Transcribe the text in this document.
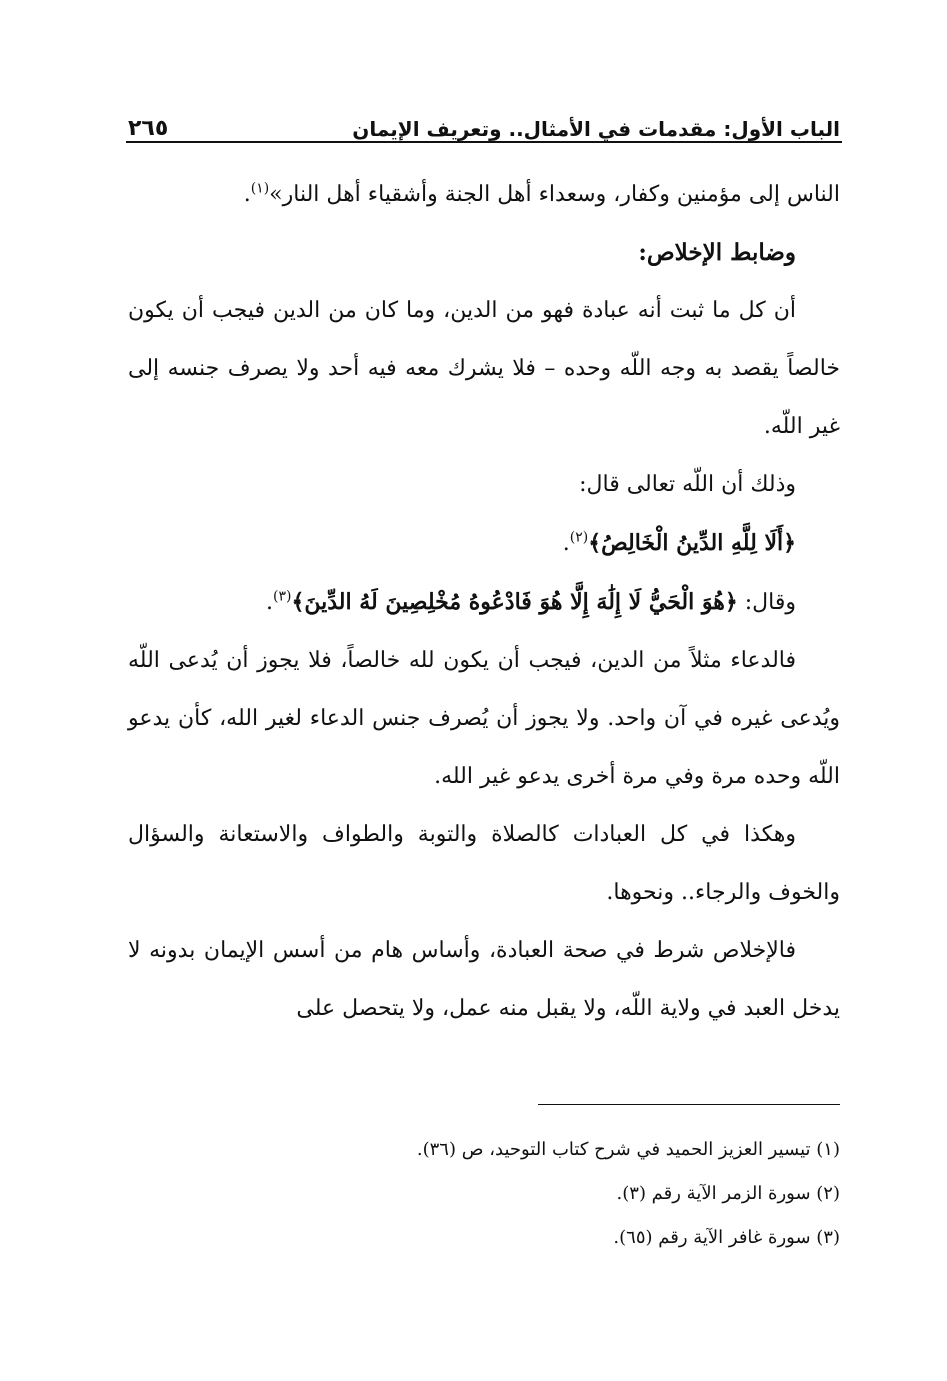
الباب الأول: مقدمات في الأمثال.. وتعريف الإيمان
٢٦٥

الناس إلى مؤمنين وكفار، وسعداء أهل الجنة وأشقياء أهل النار»$^{(١)}$.

وضابط الإخلاص:

أن كل ما ثبت أنه عبادة فهو من الدين، وما كان من الدين فيجب أن يكون خالصاً يقصد به وجه اللّه وحده – فلا يشرك معه فيه أحد ولا يصرف جنسه إلى غير اللّه.

وذلك أن اللّه تعالى قال:

﴿أَلَا لِلَّهِ الدِّينُ الْخَالِصُ﴾$^{(٢)}$.

وقال: ﴿هُوَ الْحَيُّ لَا إِلَٰهَ إِلَّا هُوَ فَادْعُوهُ مُخْلِصِينَ لَهُ الدِّينَ﴾$^{(٣)}$.

فالدعاء مثلاً من الدين، فيجب أن يكون لله خالصاً، فلا يجوز أن يُدعى اللّه ويُدعى غيره في آن واحد. ولا يجوز أن يُصرف جنس الدعاء لغير الله، كأن يدعو اللّه وحده مرة وفي مرة أخرى يدعو غير الله.

وهكذا في كل العبادات كالصلاة والتوبة والطواف والاستعانة والسؤال والخوف والرجاء.. ونحوها.

فالإخلاص شرط في صحة العبادة، وأساس هام من أسس الإيمان بدونه لا يدخل العبد في ولاية اللّه، ولا يقبل منه عمل، ولا يتحصل على

(١) تيسير العزيز الحميد في شرح كتاب التوحيد، ص (٣٦).

(٢) سورة الزمر الآية رقم (٣).

(٣) سورة غافر الآية رقم (٦٥).
